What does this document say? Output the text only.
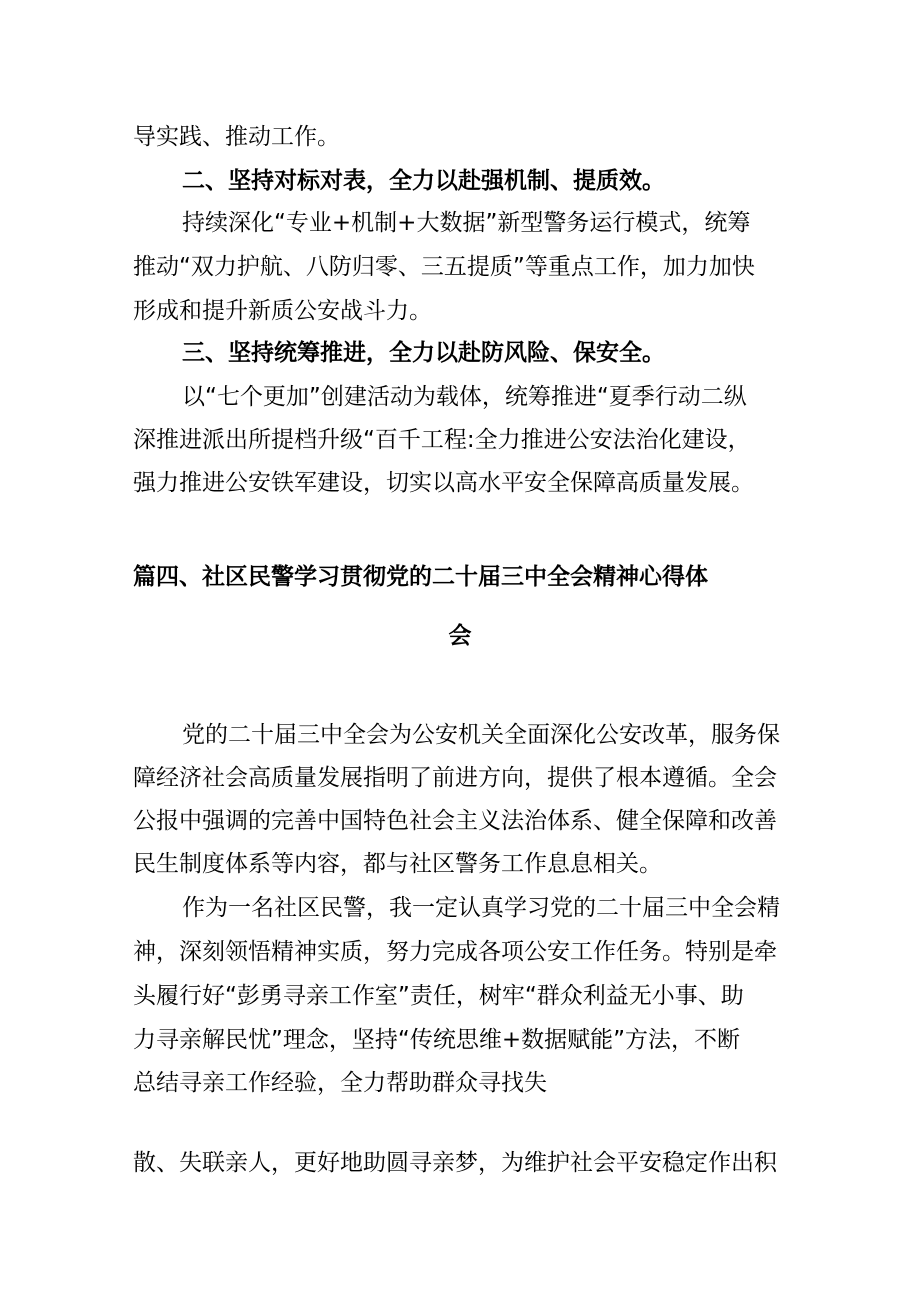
导实践、推动工作。
二、坚持对标对表，全力以赴强机制、提质效。
持续深化“专业+机制+大数据”新型警务运行模式，统筹
推动“双力护航、八防归零、三五提质”等重点工作，加力加快
形成和提升新质公安战斗力。
三、坚持统筹推进，全力以赴防风险、保安全。
以“七个更加”创建活动为载体，统筹推进“夏季行动二纵
深推进派出所提档升级“百千工程:全力推进公安法治化建设，
强力推进公安铁军建设，切实以高水平安全保障高质量发展。
篇四、社区民警学习贯彻党的二十届三中全会精神心得体
会
党的二十届三中全会为公安机关全面深化公安改革，服务保
障经济社会高质量发展指明了前进方向，提供了根本遵循。全会
公报中强调的完善中国特色社会主义法治体系、健全保障和改善
民生制度体系等内容，都与社区警务工作息息相关。
作为一名社区民警，我一定认真学习党的二十届三中全会精
神，深刻领悟精神实质，努力完成各项公安工作任务。特别是牵
头履行好“彭勇寻亲工作室”责任，树牢“群众利益无小事、助
力寻亲解民忧”理念，坚持“传统思维+数据赋能”方法，不断
总结寻亲工作经验，全力帮助群众寻找失
散、失联亲人，更好地助圆寻亲梦，为维护社会平安稳定作出积
